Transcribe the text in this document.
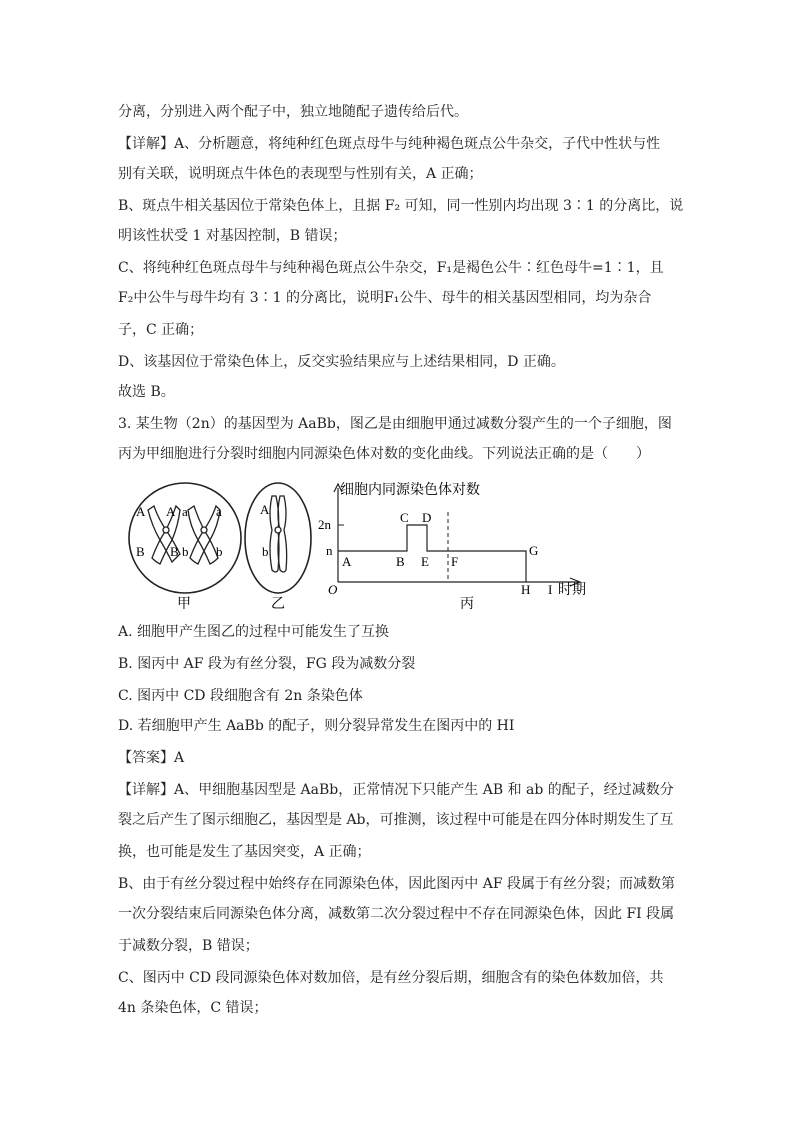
分离，分别进入两个配子中，独立地随配子遗传给后代。
【详解】A、分析题意，将纯种红色斑点母牛与纯种褐色斑点公牛杂交，子代中性状与性
别有关联，说明斑点牛体色的表现型与性别有关，A 正确；
B、斑点牛相关基因位于常染色体上，且据 F₂ 可知，同一性别内均出现 3∶1 的分离比，说
明该性状受 1 对基因控制，B 错误；
C、将纯种红色斑点母牛与纯种褐色斑点公牛杂交，F₁是褐色公牛∶红色母牛=1∶1，且
F₂中公牛与母牛均有 3∶1 的分离比，说明F₁公牛、母牛的相关基因型相同，均为杂合
子，C 正确；
D、该基因位于常染色体上，反交实验结果应与上述结果相同，D 正确。
故选 B。
3. 某生物（2n）的基因型为 AaBb，图乙是由细胞甲通过减数分裂产生的一个子细胞，图
丙为甲细胞进行分裂时细胞内同源染色体对数的变化曲线。下列说法正确的是（　　）
A A a a
B B b b
甲
A
b
乙
细胞内同源染色体对数
2n
n
O
A	B
C D
E F
G
H I 时期
丙
A. 细胞甲产生图乙的过程中可能发生了互换
B. 图丙中 AF 段为有丝分裂，FG 段为减数分裂
C. 图丙中 CD 段细胞含有 2n 条染色体
D. 若细胞甲产生 AaBb 的配子，则分裂异常发生在图丙中的 HI
【答案】A
【详解】A、甲细胞基因型是 AaBb，正常情况下只能产生 AB 和 ab 的配子，经过减数分
裂之后产生了图示细胞乙，基因型是 Ab，可推测，该过程中可能是在四分体时期发生了互
换，也可能是发生了基因突变，A 正确；
B、由于有丝分裂过程中始终存在同源染色体，因此图丙中 AF 段属于有丝分裂；而减数第
一次分裂结束后同源染色体分离，减数第二次分裂过程中不存在同源染色体，因此 FI 段属
于减数分裂，B 错误；
C、图丙中 CD 段同源染色体对数加倍，是有丝分裂后期，细胞含有的染色体数加倍，共
4n 条染色体，C 错误；
